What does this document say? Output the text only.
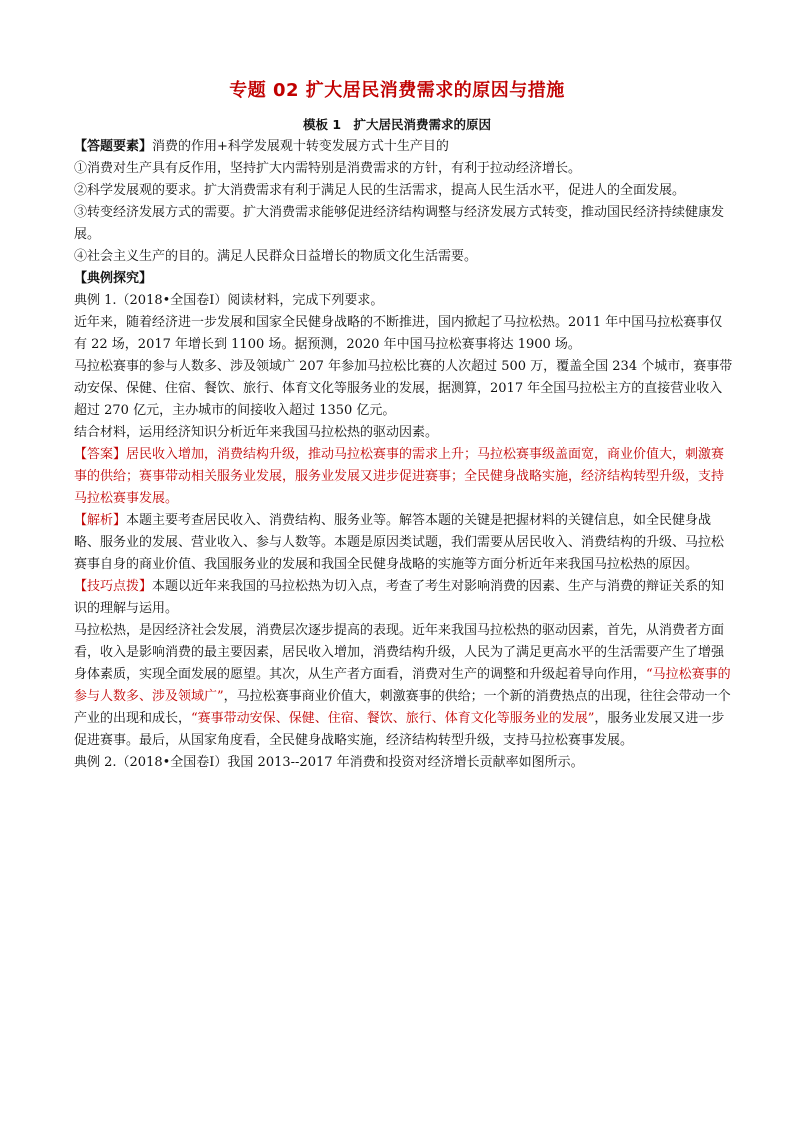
专题 02 扩大居民消费需求的原因与措施
模板 1　扩大居民消费需求的原因

【答题要素】消费的作用+科学发展观十转变发展方式十生产目的

①消费对生产具有反作用，坚持扩大内需特别是消费需求的方针，有利于拉动经济增长。

②科学发展观的要求。扩大消费需求有利于满足人民的生活需求，提高人民生活水平，促进人的全面发展。

③转变经济发展方式的需要。扩大消费需求能够促进经济结构调整与经济发展方式转变，推动国民经济持续健康发展。

④社会主义生产的目的。满足人民群众日益增长的物质文化生活需要。

【典例探究】

典例 1.（2018•全国卷Ⅰ）阅读材料，完成下列要求。

近年来，随着经济进一步发展和国家全民健身战略的不断推进，国内掀起了马拉松热。2011 年中国马拉松赛事仅有 22 场，2017 年增长到 1100 场。据预测，2020 年中国马拉松赛事将达 1900 场。

马拉松赛事的参与人数多、涉及领域广 207 年参加马拉松比赛的人次超过 500 万，覆盖全国 234 个城市，赛事带动安保、保健、住宿、餐饮、旅行、体育文化等服务业的发展，据测算，2017 年全国马拉松主方的直接营业收入超过 270 亿元，主办城市的间接收入超过 1350 亿元。

结合材料，运用经济知识分析近年来我国马拉松热的驱动因素。

【答案】居民收入增加，消费结构升级，推动马拉松赛事的需求上升；马拉松赛事级盖面宽，商业价值大，刺激赛事的供给；赛事带动相关服务业发展，服务业发展又进步促进赛事；全民健身战略实施，经济结构转型升级，支持马拉松赛事发展。

【解析】本题主要考查居民收入、消费结构、服务业等。解答本题的关键是把握材料的关键信息，如全民健身战略、服务业的发展、营业收入、参与人数等。本题是原因类试题，我们需要从居民收入、消费结构的升级、马拉松赛事自身的商业价值、我国服务业的发展和我国全民健身战略的实施等方面分析近年来我国马拉松热的原因。

【技巧点拨】本题以近年来我国的马拉松热为切入点，考查了考生对影响消费的因素、生产与消费的辩证关系的知识的理解与运用。

马拉松热，是因经济社会发展，消费层次逐步提高的表现。近年来我国马拉松热的驱动因素，首先，从消费者方面看，收入是影响消费的最主要因素，居民收入增加，消费结构升级，人民为了满足更高水平的生活需要产生了增强身体素质，实现全面发展的愿望。其次，从生产者方面看，消费对生产的调整和升级起着导向作用，“马拉松赛事的参与人数多、涉及领域广”，马拉松赛事商业价值大，刺激赛事的供给；一个新的消费热点的出现，往往会带动一个产业的出现和成长，“赛事带动安保、保健、住宿、餐饮、旅行、体育文化等服务业的发展”，服务业发展又进一步促进赛事。最后，从国家角度看，全民健身战略实施，经济结构转型升级，支持马拉松赛事发展。

典例 2.（2018•全国卷Ⅰ）我国 2013--2017 年消费和投资对经济增长贡献率如图所示。
